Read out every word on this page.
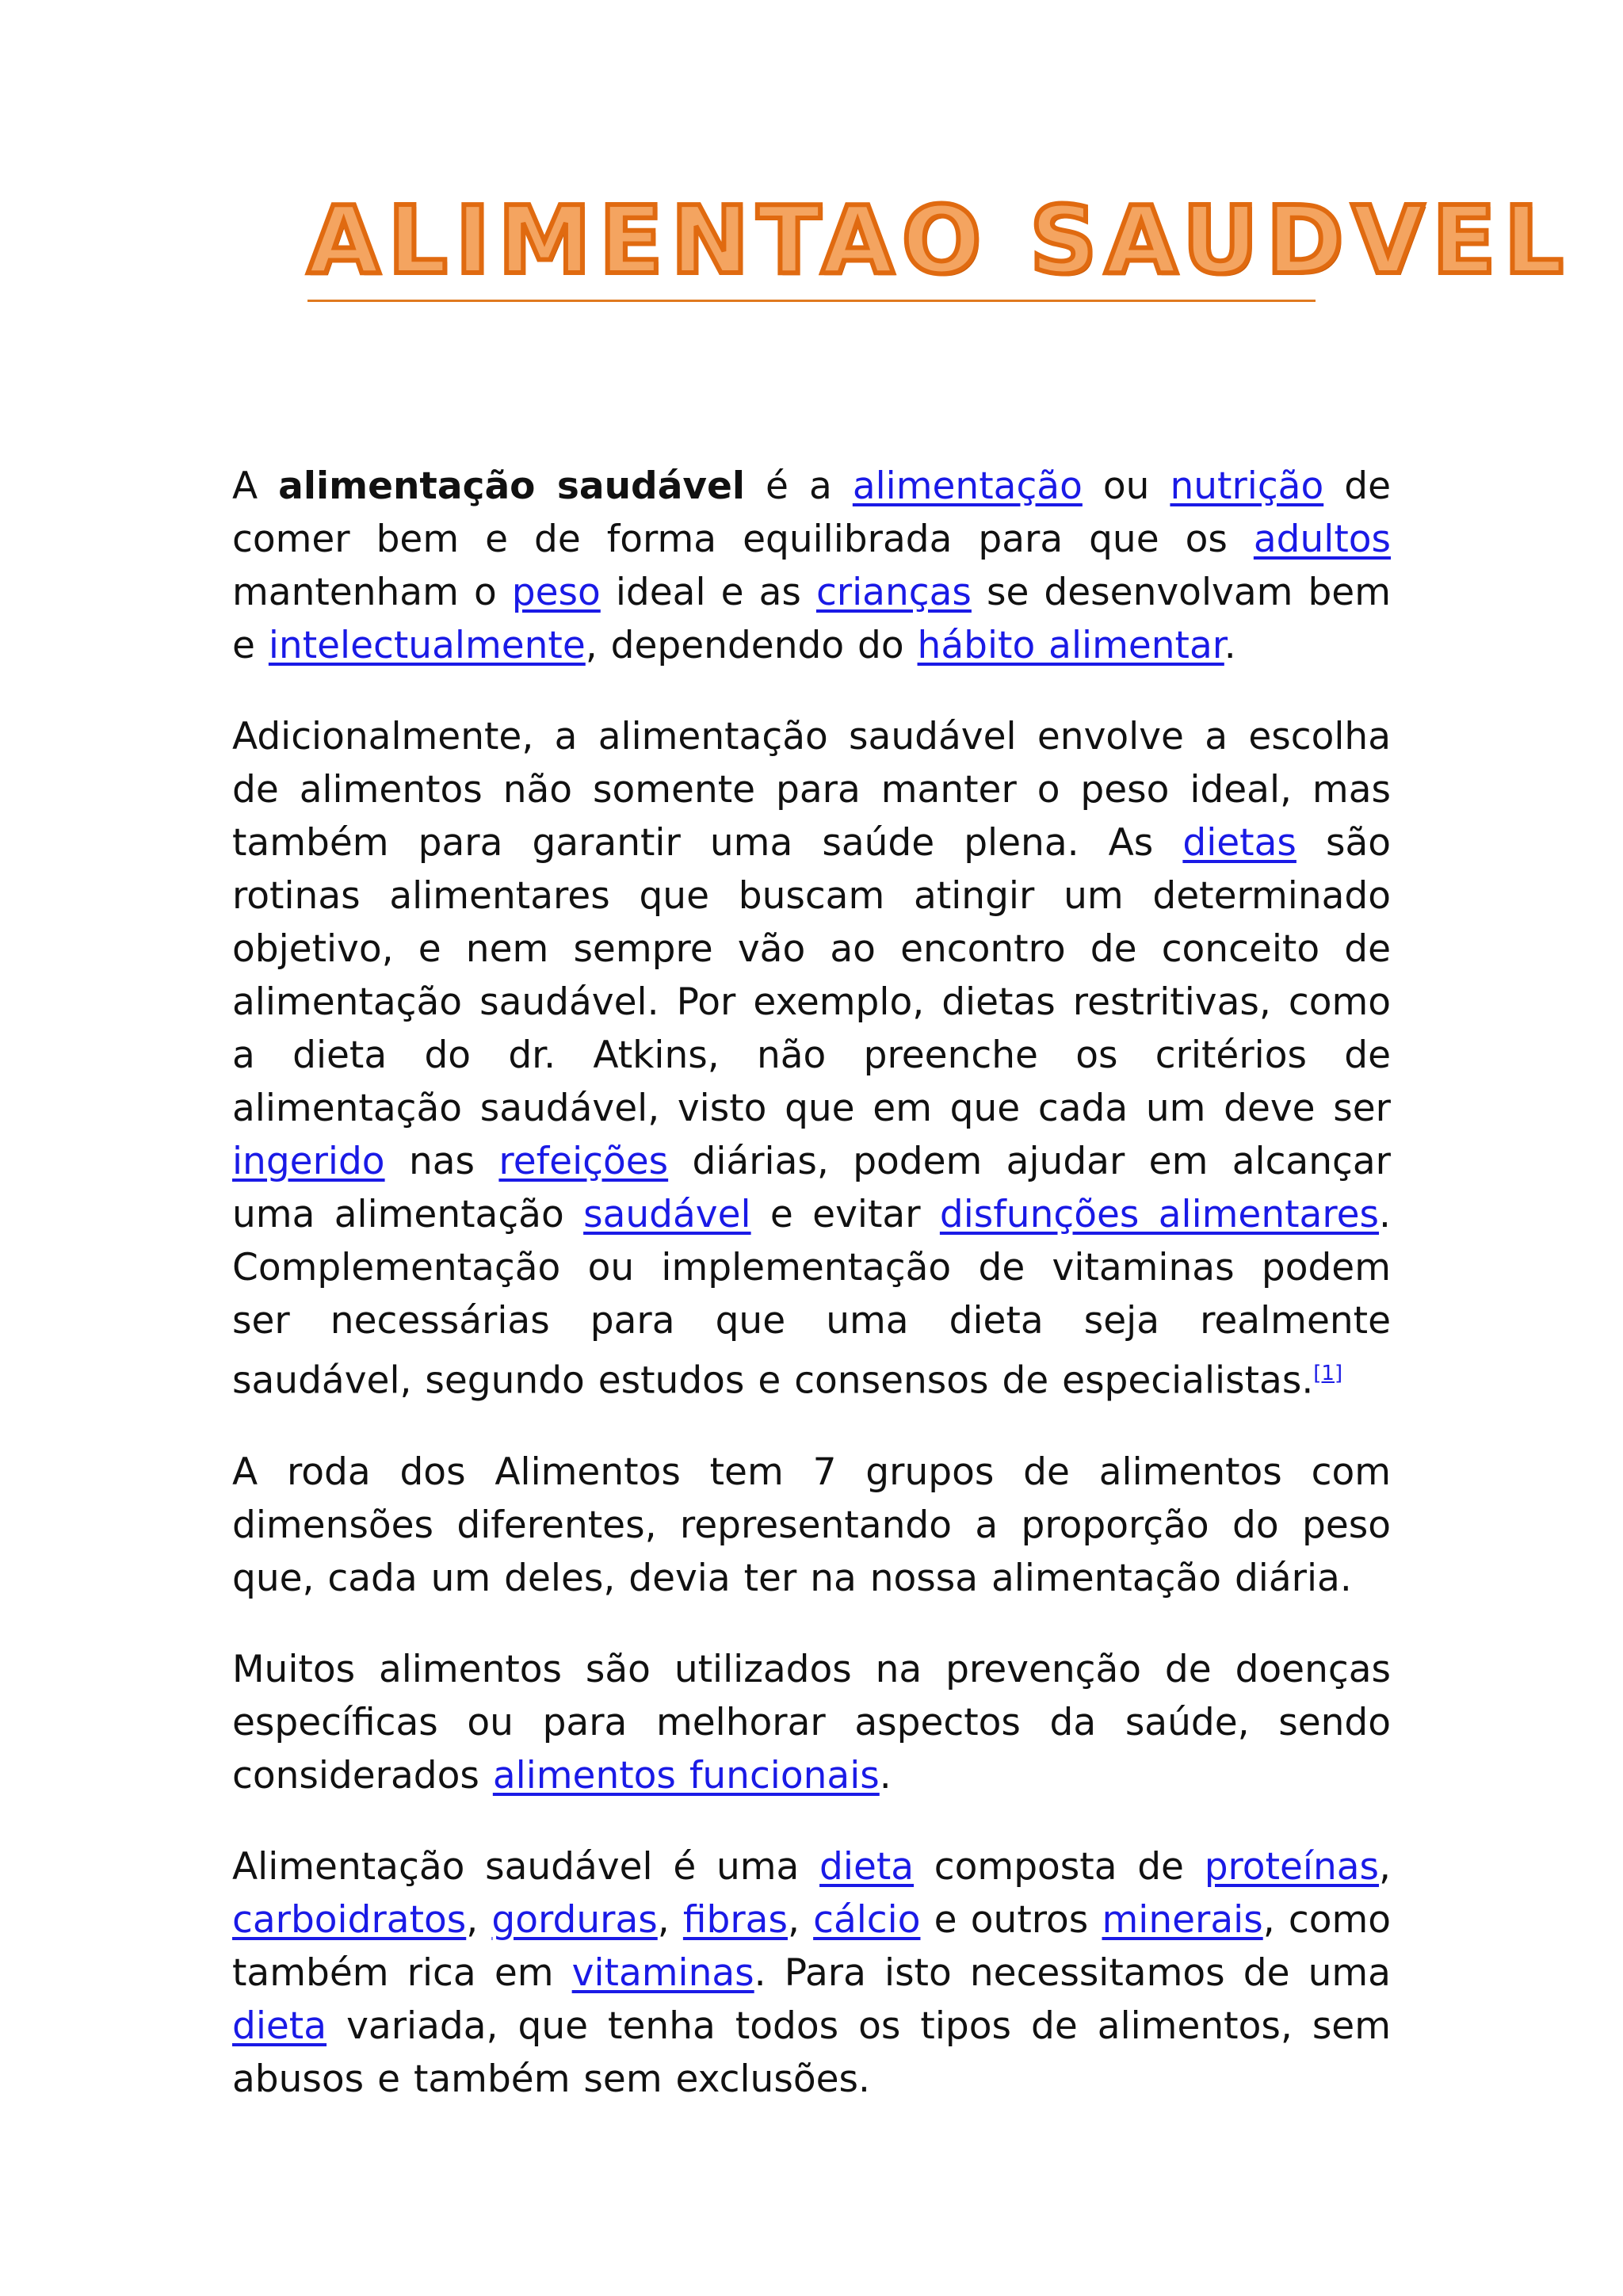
ALIMENTAO SAUDVEL

A alimentação saudável é a alimentação ou nutrição de comer bem e de forma equilibrada para que os adultos mantenham o peso ideal e as crianças se desenvolvam bem e intelectualmente, dependendo do hábito alimentar.

Adicionalmente, a alimentação saudável envolve a escolha de alimentos não somente para manter o peso ideal, mas também para garantir uma saúde plena. As dietas são rotinas alimentares que buscam atingir um determinado objetivo, e nem sempre vão ao encontro de conceito de alimentação saudável. Por exemplo, dietas restritivas, como a dieta do dr. Atkins, não preenche os critérios de alimentação saudável, visto que em que cada um deve ser ingerido nas refeições diárias, podem ajudar em alcançar uma alimentação saudável e evitar disfunções alimentares. Complementação ou implementação de vitaminas podem ser necessárias para que uma dieta seja realmente saudável, segundo estudos e consensos de especialistas.[1]

A roda dos Alimentos tem 7 grupos de alimentos com dimensões diferentes, representando a proporção do peso que, cada um deles, devia ter na nossa alimentação diária.

Muitos alimentos são utilizados na prevenção de doenças específicas ou para melhorar aspectos da saúde, sendo considerados alimentos funcionais.

Alimentação saudável é uma dieta composta de proteínas, carboidratos, gorduras, fibras, cálcio e outros minerais, como também rica em vitaminas. Para isto necessitamos de uma dieta variada, que tenha todos os tipos de alimentos, sem abusos e também sem exclusões.
